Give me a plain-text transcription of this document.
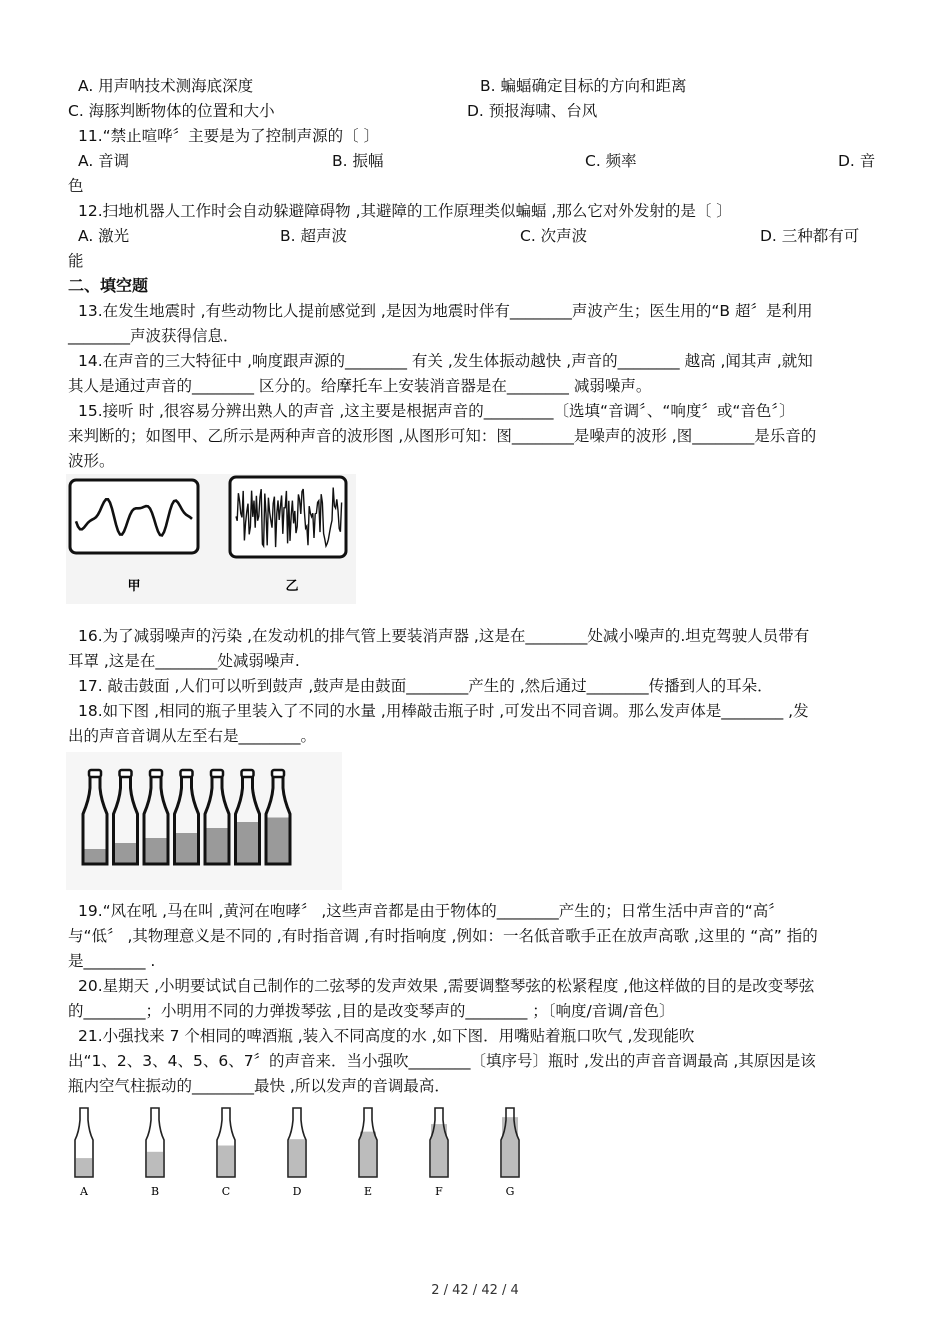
A. 用声呐技术测海底深度	B. 蝙蝠确定目标的方向和距离
C. 海豚判断物体的位置和大小	D. 预报海啸、台风
11.“禁止喧哗〞主要是为了控制声源的〔 〕
A. 音调	B. 振幅	C. 频率	D. 音
色
12.扫地机器人工作时会自动躲避障碍物 ,其避障的工作原理类似蝙蝠 ,那么它对外发射的是〔 〕
A. 激光	B. 超声波	C. 次声波	D. 三种都有可
能
二、填空题
13.在发生地震时 ,有些动物比人提前感觉到 ,是因为地震时伴有________声波产生；医生用的“B 超〞是利用
________声波获得信息．
14.在声音的三大特征中 ,响度跟声源的________ 有关 ,发生体振动越快 ,声音的________ 越高 ,闻其声 ,就知
其人是通过声音的________ 区分的。给摩托车上安装消音器是在________ 减弱噪声。
15.接听 时 ,很容易分辨出熟人的声音 ,这主要是根据声音的_________〔选填“音调〞、“响度〞或“音色〞〕
来判断的；如图甲、乙所示是两种声音的波形图 ,从图形可知：图________是噪声的波形 ,图________是乐音的
波形。
甲	乙
16.为了减弱噪声的污染 ,在发动机的排气管上要装消声器 ,这是在________处减小噪声的.坦克驾驶人员带有
耳罩 ,这是在________处减弱噪声.
17. 敲击鼓面 ,人们可以听到鼓声 ,鼓声是由鼓面________产生的 ,然后通过________传播到人的耳朵．
18.如下图 ,相同的瓶子里装入了不同的水量 ,用棒敲击瓶子时 ,可发出不同音调。那么发声体是________ ,发
出的声音音调从左至右是________。
19.“风在吼 ,马在叫 ,黄河在咆哮〞 ,这些声音都是由于物体的________产生的；日常生活中声音的“高〞
与“低〞 ,其物理意义是不同的 ,有时指音调 ,有时指响度 ,例如：一名低音歌手正在放声高歌 ,这里的 “高” 指的
是________ .
20.星期天 ,小明要试试自己制作的二弦琴的发声效果 ,需要调整琴弦的松紧程度 ,他这样做的目的是改变琴弦
的________；小明用不同的力弹拨琴弦 ,目的是改变琴声的________ ；〔响度/音调/音色〕
21.小强找来 7 个相同的啤酒瓶 ,装入不同高度的水 ,如下图．用嘴贴着瓶口吹气 ,发现能吹
出“1、2、3、4、5、6、7〞的声音来．当小强吹________〔填序号〕瓶时 ,发出的声音音调最高 ,其原因是该
瓶内空气柱振动的________最快 ,所以发声的音调最高．
A	B	C	D	E	F	G
2 / 42 / 42 / 4
